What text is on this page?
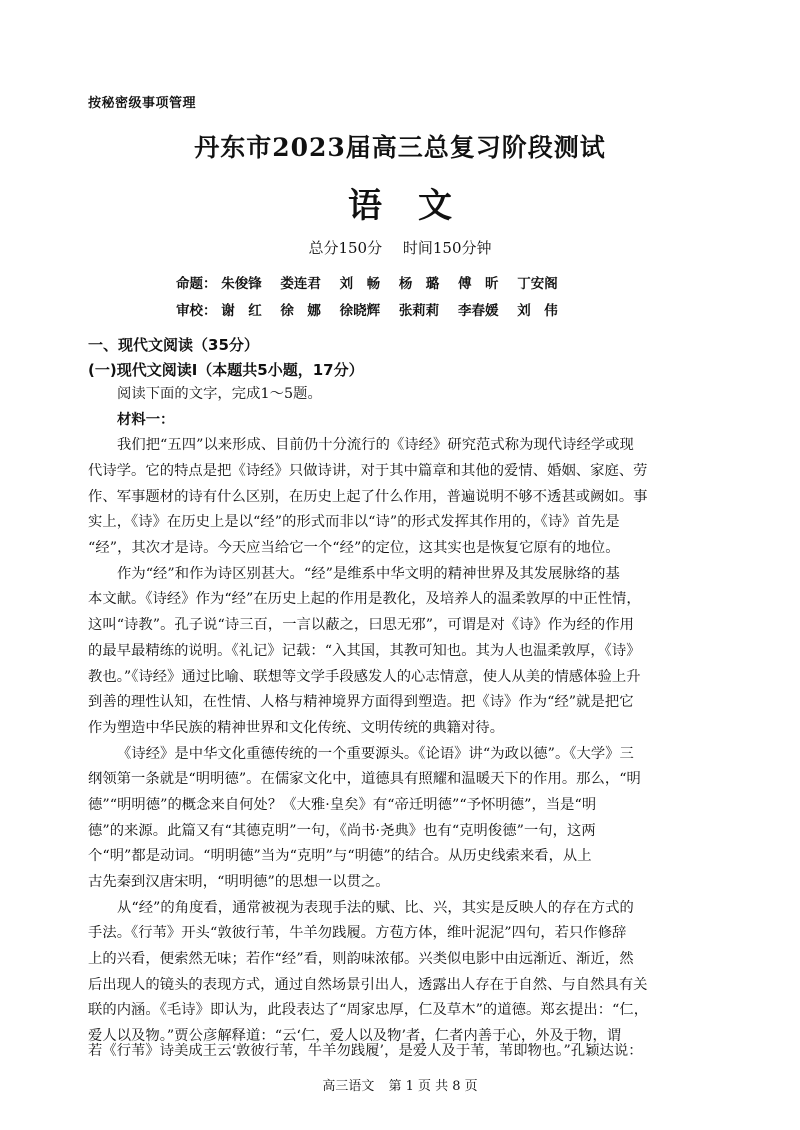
按秘密级事项管理
丹东市2023届高三总复习阶段测试
语文
总分150分 时间150分钟
命题： 朱俊锋 娄连君 刘　畅 杨　璐 傅　昕 丁安阁
审校： 谢　红 徐　娜 徐晓辉 张莉莉 李春媛 刘　伟
一、现代文阅读（35分）
(一)现代文阅读Ⅰ（本题共5小题，17分）
阅读下面的文字，完成1～5题。
材料一：
我们把“五四”以来形成、目前仍十分流行的《诗经》研究范式称为现代诗经学或现
代诗学。它的特点是把《诗经》只做诗讲，对于其中篇章和其他的爱情、婚姻、家庭、劳
作、军事题材的诗有什么区别，在历史上起了什么作用，普遍说明不够不透甚或阙如。事
实上，《诗》在历史上是以“经”的形式而非以“诗”的形式发挥其作用的，《诗》首先是
“经”，其次才是诗。今天应当给它一个“经”的定位，这其实也是恢复它原有的地位。
作为“经”和作为诗区别甚大。“经”是维系中华文明的精神世界及其发展脉络的基
本文献。《诗经》作为“经”在历史上起的作用是教化，及培养人的温柔敦厚的中正性情，
这叫“诗教”。孔子说“诗三百，一言以蔽之，曰思无邪”，可谓是对《诗》作为经的作用
的最早最精练的说明。《礼记》记载：“入其国，其教可知也。其为人也温柔敦厚，《诗》
教也。”《诗经》通过比喻、联想等文学手段感发人的心志情意，使人从美的情感体验上升
到善的理性认知，在性情、人格与精神境界方面得到塑造。把《诗》作为“经”就是把它
作为塑造中华民族的精神世界和文化传统、文明传统的典籍对待。
《诗经》是中华文化重德传统的一个重要源头。《论语》讲“为政以德”。《大学》三
纲领第一条就是“明明德”。在儒家文化中，道德具有照耀和温暖天下的作用。那么，“明
德”“明明德”的概念来自何处？《大雅·皇矣》有“帝迁明德”“予怀明德”，当是“明
德”的来源。此篇又有“其德克明”一句，《尚书·尧典》也有“克明俊德”一句，这两
个“明”都是动词。“明明德”当为“克明”与“明德”的结合。从历史线索来看，从上
古先秦到汉唐宋明，“明明德”的思想一以贯之。
从“经”的角度看，通常被视为表现手法的赋、比、兴，其实是反映人的存在方式的
手法。《行苇》开头“敦彼行苇，牛羊勿践履。方苞方体，维叶泥泥”四句，若只作修辞
上的兴看，便索然无味；若作“经”看，则韵味浓郁。兴类似电影中由远渐近、渐近，然
后出现人的镜头的表现方式，通过自然场景引出人，透露出人存在于自然、与自然具有关
联的内涵。《毛诗》即认为，此段表达了“周家忠厚，仁及草木”的道德。郑玄提出：“仁，
爱人以及物。”贾公彦解释道：“云‘仁，爱人以及物’者，仁者内善于心，外及于物，谓
若《行苇》诗美成王云‘敦彼行苇，牛羊勿践履’，是爱人及于苇，苇即物也。”孔颖达说：
高三语文 第 1 页 共 8 页
